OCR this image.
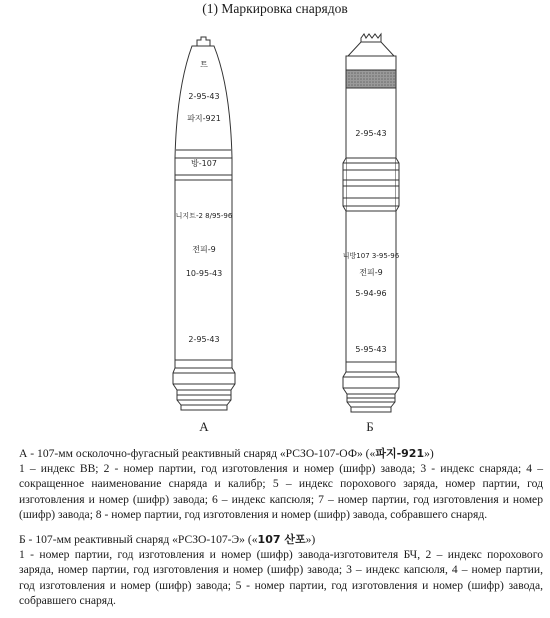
(1) Маркировка снарядов
트
2-95-43
파지-921
방-107
니지트-2 8/95-96
전피-9
10-95-43
2-95-43
А
2-95-43
니방107 3-95-96
전피-9
5-94-96
5-95-43
Б

А - 107-мм осколочно-фугасный реактивный снаряд «РСЗО-107-ОФ» («파지-921»)

1 – индекс ВВ; 2 - номер партии, год изготовления и номер (шифр) завода; 3 - индекс снаряда; 4 – сокращенное наименование снаряда и калибр; 5 – индекс порохового заряда, номер партии, год изготовления и номер (шифр) завода; 6 – индекс капсюля; 7 – номер партии, год изготовления и номер (шифр) завода; 8 - номер партии, год изготовления и номер (шифр) завода, собравшего снаряд.

Б - 107-мм реактивный снаряд «РСЗО-107-Э» («107 산포»)

1 - номер партии, год изготовления и номер (шифр) завода-изготовителя БЧ, 2 – индекс порохового заряда, номер партии, год изготовления и номер (шифр) завода; 3 – индекс капсюля, 4 – номер партии, год изготовления и номер (шифр) завода; 5 - номер партии, год изготовления и номер (шифр) завода, собравшего снаряд.
